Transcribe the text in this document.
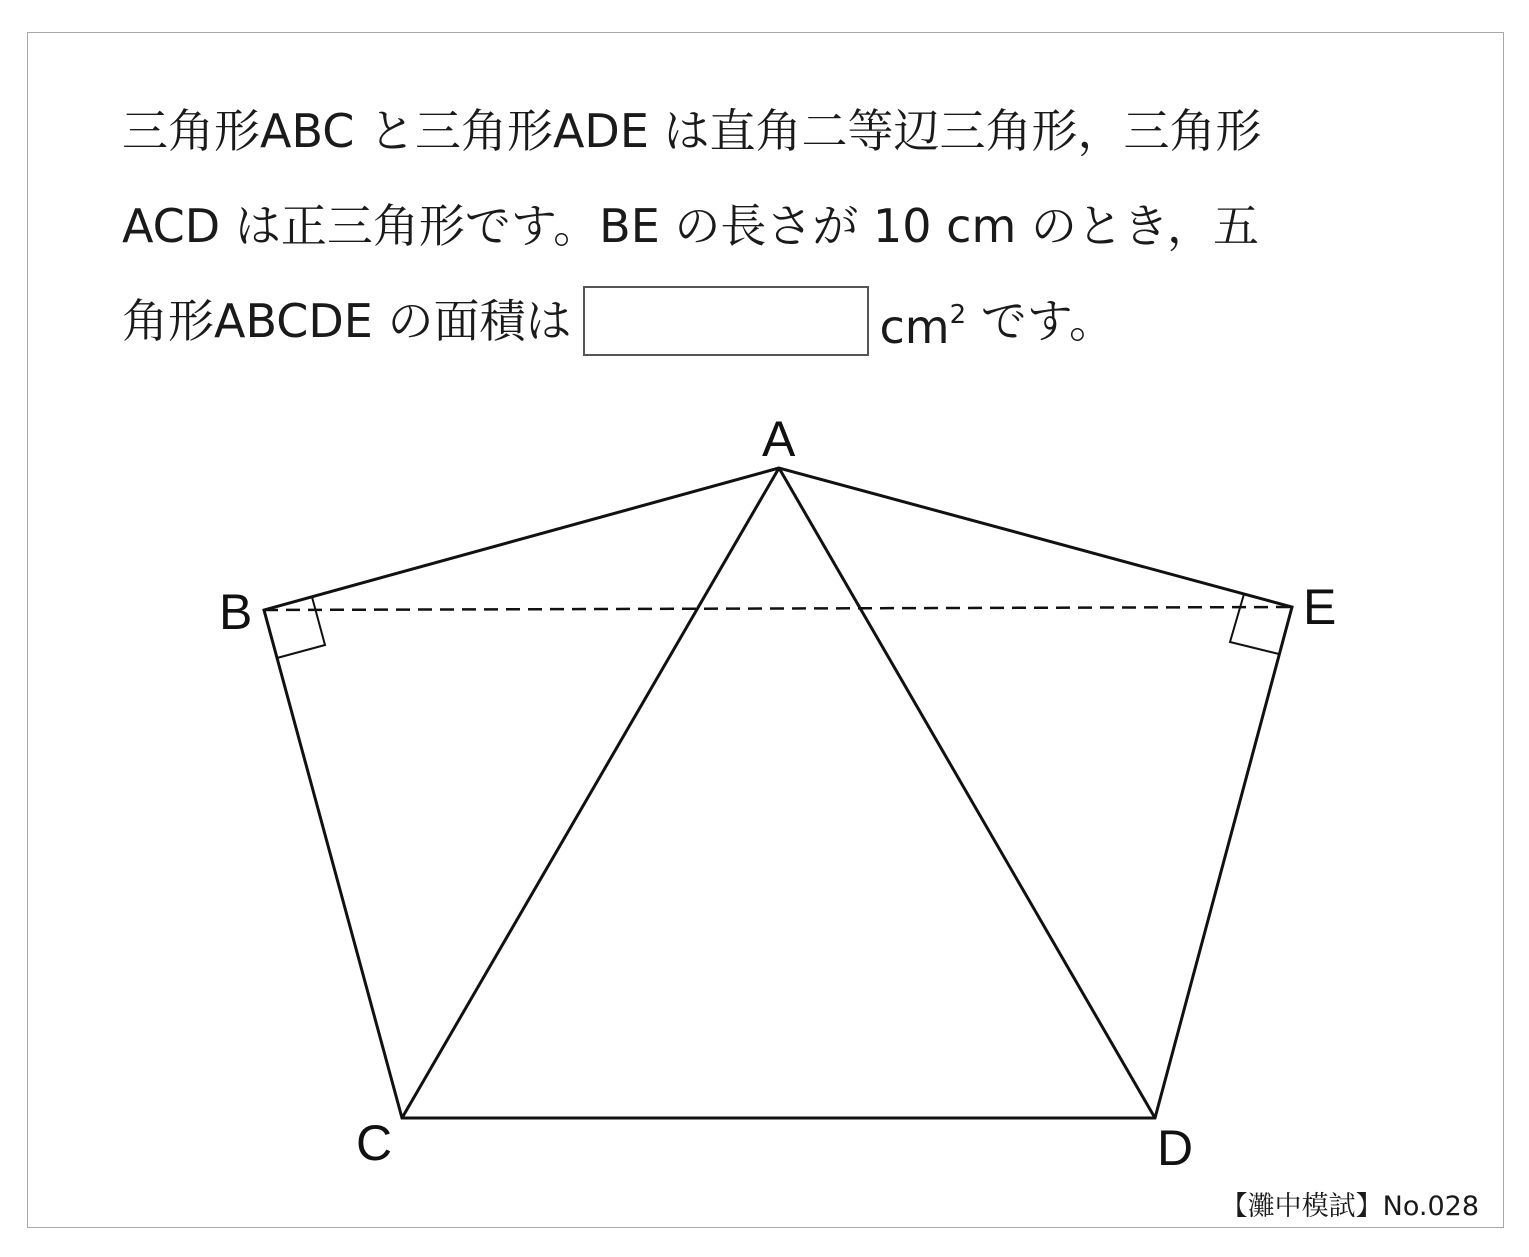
三角形ABC と三角形ADE は直角二等辺三角形，三角形
ACD は正三角形です。BE の長さが 10 cm のとき，五
角形ABCDE の面積は	$cm^2$ です。
A
B
C	D
E
【灘中模試】No.028
